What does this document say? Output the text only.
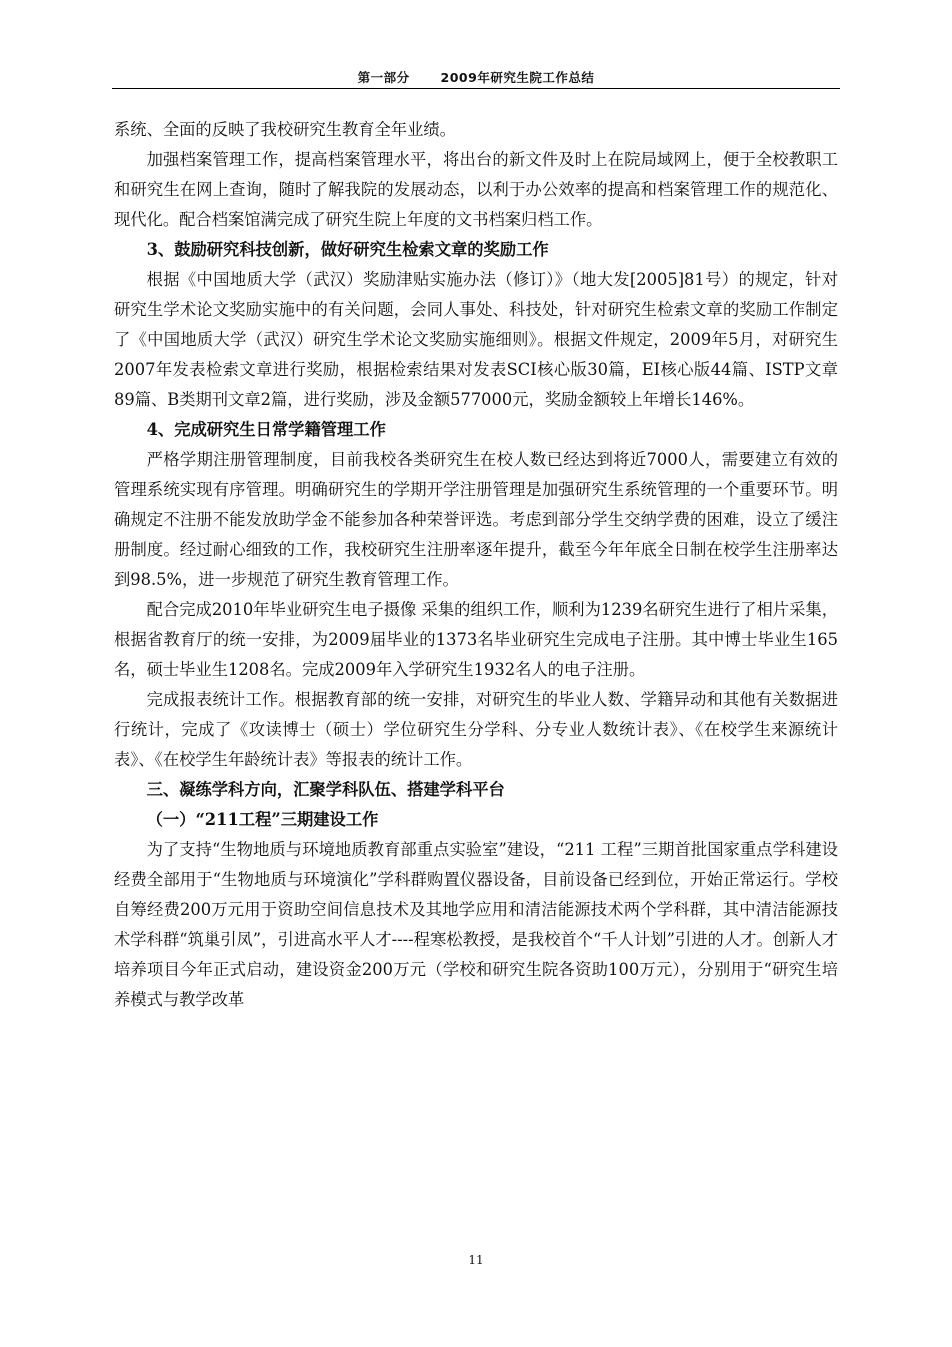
第一部分 2009年研究生院工作总结

系统、全面的反映了我校研究生教育全年业绩。

加强档案管理工作，提高档案管理水平，将出台的新文件及时上在院局域网上，便于全校教职工和研究生在网上查询，随时了解我院的发展动态，以利于办公效率的提高和档案管理工作的规范化、现代化。配合档案馆满完成了研究生院上年度的文书档案归档工作。

3、鼓励研究科技创新，做好研究生检索文章的奖励工作

根据《中国地质大学（武汉）奖励津贴实施办法（修订）》（地大发[2005]81号）的规定，针对研究生学术论文奖励实施中的有关问题，会同人事处、科技处，针对研究生检索文章的奖励工作制定了《中国地质大学（武汉）研究生学术论文奖励实施细则》。根据文件规定，2009年5月，对研究生2007年发表检索文章进行奖励，根据检索结果对发表SCI核心版30篇，EI核心版44篇、ISTP文章89篇、B类期刊文章2篇，进行奖励，涉及金额577000元，奖励金额较上年增长146%。

4、完成研究生日常学籍管理工作

严格学期注册管理制度，目前我校各类研究生在校人数已经达到将近7000人，需要建立有效的管理系统实现有序管理。明确研究生的学期开学注册管理是加强研究生系统管理的一个重要环节。明确规定不注册不能发放助学金不能参加各种荣誉评选。考虑到部分学生交纳学费的困难，设立了缓注册制度。经过耐心细致的工作，我校研究生注册率逐年提升，截至今年年底全日制在校学生注册率达到98.5%，进一步规范了研究生教育管理工作。

配合完成2010年毕业研究生电子摄像 采集的组织工作，顺利为1239名研究生进行了相片采集，根据省教育厅的统一安排，为2009届毕业的1373名毕业研究生完成电子注册。其中博士毕业生165名，硕士毕业生1208名。完成2009年入学研究生1932名人的电子注册。

完成报表统计工作。根据教育部的统一安排，对研究生的毕业人数、学籍异动和其他有关数据进行统计，完成了《攻读博士（硕士）学位研究生分学科、分专业人数统计表》、《在校学生来源统计表》、《在校学生年龄统计表》等报表的统计工作。

三、凝练学科方向，汇聚学科队伍、搭建学科平台
（一）“211工程”三期建设工作

为了支持“生物地质与环境地质教育部重点实验室”建设，“211 工程”三期首批国家重点学科建设经费全部用于“生物地质与环境演化”学科群购置仪器设备，目前设备已经到位，开始正常运行。学校自筹经费200万元用于资助空间信息技术及其地学应用和清洁能源技术两个学科群，其中清洁能源技术学科群“筑巢引凤”，引进高水平人才----程寒松教授，是我校首个“千人计划”引进的人才。创新人才培养项目今年正式启动，建设资金200万元（学校和研究生院各资助100万元），分别用于“研究生培养模式与教学改革

11
